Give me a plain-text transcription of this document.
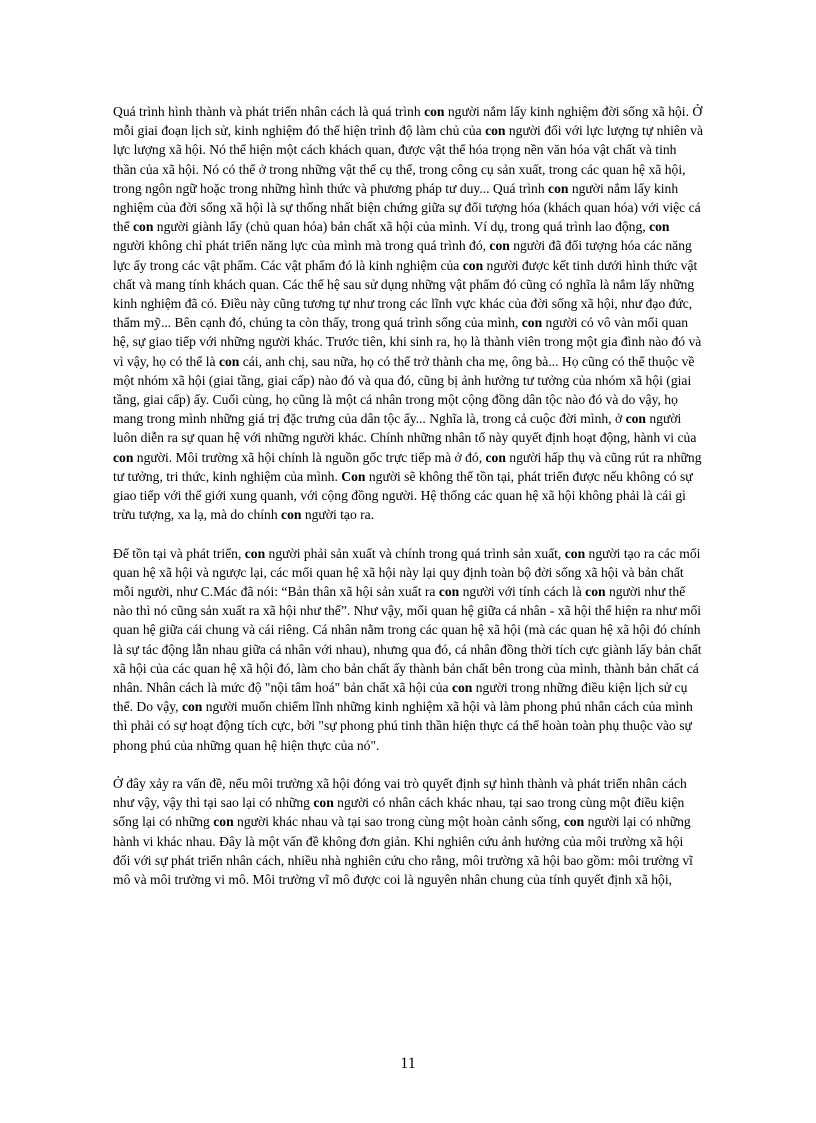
Quá trình hình thành và phát triển nhân cách là quá trình con người nắm lấy kinh nghiệm đời sống xã hội. Ở mỗi giai đoạn lịch sử, kinh nghiệm đó thể hiện trình độ làm chủ của con người đối với lực lượng tự nhiên và lực lượng xã hội. Nó thể hiện một cách khách quan, được vật thể hóa trọng nền văn hóa vật chất và tinh thần của xã hội. Nó có thể ở trong những vật thể cụ thể, trong công cụ sản xuất, trong các quan hệ xã hội, trong ngôn ngữ hoặc trong những hình thức và phương pháp tư duy... Quá trình con người nắm lấy kinh nghiệm của đời sống xã hội là sự thống nhất biện chứng giữa sự đối tượng hóa (khách quan hóa) với việc cá thể con người giành lấy (chủ quan hóa) bản chất xã hội của mình. Ví dụ, trong quá trình lao động, con người không chỉ phát triển năng lực của mình mà trong quá trình đó, con người đã đối tượng hóa các năng lực ấy trong các vật phẩm. Các vật phẩm đó là kinh nghiệm của con người được kết tinh dưới hình thức vật chất và mang tính khách quan. Các thế hệ sau sử dụng những vật phẩm đó cũng có nghĩa là nắm lấy những kinh nghiệm đã có. Điều này cũng tương tự như trong các lĩnh vực khác của đời sống xã hội, như đạo đức, thẩm mỹ... Bên cạnh đó, chúng ta còn thấy, trong quá trình sống của mình, con người có vô vàn mối quan hệ, sự giao tiếp với những người khác. Trước tiên, khi sinh ra, họ là thành viên trong một gia đình nào đó và vì vậy, họ có thể là con cái, anh chị, sau nữa, họ có thể trở thành cha mẹ, ông bà... Họ cũng có thể thuộc về một nhóm xã hội (giai tầng, giai cấp) nào đó và qua đó, cũng bị ảnh hưởng tư tưởng của nhóm xã hội (giai tầng, giai cấp) ấy. Cuối cùng, họ cũng là một cá nhân trong một cộng đồng dân tộc nào đó và do vậy, họ mang trong mình những giá trị đặc trưng của dân tộc ấy... Nghĩa là, trong cả cuộc đời mình, ở con người luôn diễn ra sự quan hệ với những người khác. Chính những nhân tố này quyết định hoạt động, hành vi của con người. Môi trường xã hội chính là nguồn gốc trực tiếp mà ở đó, con người hấp thụ và cũng rút ra những tư tưởng, tri thức, kinh nghiệm của mình. Con người sẽ không thể tồn tại, phát triển được nếu không có sự giao tiếp với thế giới xung quanh, với cộng đồng người. Hệ thống các quan hệ xã hội không phải là cái gì trừu tượng, xa lạ, mà do chính con người tạo ra.

Để tồn tại và phát triển, con người phải sản xuất và chính trong quá trình sản xuất, con người tạo ra các mối quan hệ xã hội và ngược lại, các mối quan hệ xã hội này lại quy định toàn bộ đời sống xã hội và bản chất mỗi người, như C.Mác đã nói: “Bản thân xã hội sản xuất ra con người với tính cách là con người như thế nào thì nó cũng sản xuất ra xã hội như thế”. Như vậy, mối quan hệ giữa cá nhân - xã hội thể hiện ra như mối quan hệ giữa cái chung và cái riêng. Cá nhân nằm trong các quan hệ xã hội (mà các quan hệ xã hội đó chính là sự tác động lẫn nhau giữa cá nhân với nhau), nhưng qua đó, cá nhân đồng thời tích cực giành lấy bản chất xã hội của các quan hệ xã hội đó, làm cho bản chất ấy thành bản chất bên trong của mình, thành bản chất cá nhân. Nhân cách là mức độ "nội tâm hoá" bản chất xã hội của con người trong những điều kiện lịch sử cụ thể. Do vậy, con người muốn chiếm lĩnh những kinh nghiệm xã hội và làm phong phú nhân cách của mình thì phải có sự hoạt động tích cực, bởi "sự phong phú tinh thần hiện thực cá thể hoàn toàn phụ thuộc vào sự phong phú của những quan hệ hiện thực của nó".

Ở đây xảy ra vấn đề, nếu môi trường xã hội đóng vai trò quyết định sự hình thành và phát triển nhân cách như vậy, vậy thì tại sao lại có những con người có nhân cách khác nhau, tại sao trong cùng một điều kiện sống lại có những con người khác nhau và tại sao trong cùng một hoàn cảnh sống, con người lại có những hành vi khác nhau. Đây là một vấn đề không đơn giản. Khi nghiên cứu ảnh hưởng của môi trường xã hội đối với sự phát triển nhân cách, nhiều nhà nghiên cứu cho rằng, môi trường xã hội bao gồm: môi trường vĩ mô và môi trường vi mô. Môi trường vĩ mô được coi là nguyên nhân chung của tính quyết định xã hội,

11
